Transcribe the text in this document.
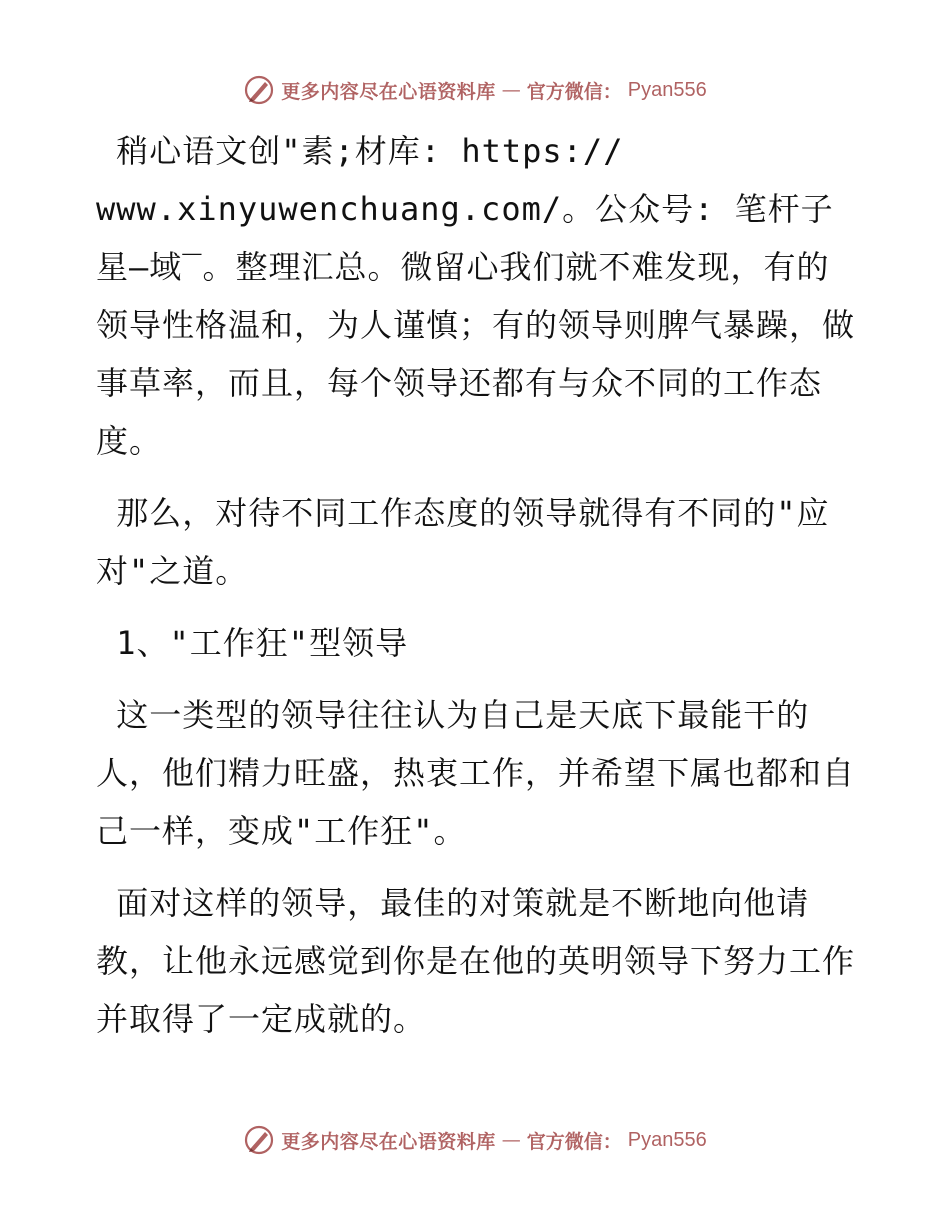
更多内容尽在心语资料库 — 官方微信： Pyan556

稍心语文创"素;材库: https://
www.xinyuwenchuang.com/。公众号: 笔杆子星—域‾。整理汇总。微留心我们就不难发现，有的领导性格温和，为人谨慎；有的领导则脾气暴躁，做事草率，而且，每个领导还都有与众不同的工作态度。

那么，对待不同工作态度的领导就得有不同的"应对"之道。

1、"工作狂"型领导

这一类型的领导往往认为自己是天底下最能干的人，他们精力旺盛，热衷工作，并希望下属也都和自己一样，变成"工作狂"。

面对这样的领导，最佳的对策就是不断地向他请教，让他永远感觉到你是在他的英明领导下努力工作并取得了一定成就的。

更多内容尽在心语资料库 — 官方微信： Pyan556
